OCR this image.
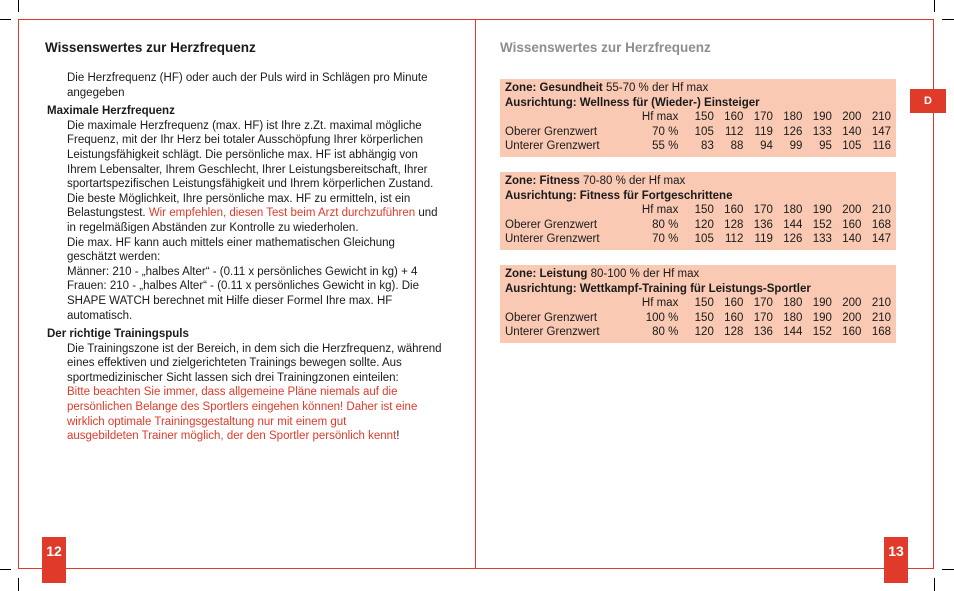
Wissenswertes zur Herzfrequenz
Die Herzfrequenz (HF) oder auch der Puls wird in Schlägen pro Minute
angegeben
Maximale Herzfrequenz
Die maximale Herzfrequenz (max. HF) ist Ihre z.Zt. maximal mögliche
Frequenz, mit der Ihr Herz bei totaler Ausschöpfung Ihrer körperlichen
Leistungsfähigkeit schlägt. Die persönliche max. HF ist abhängig von
Ihrem Lebensalter, Ihrem Geschlecht, Ihrer Leistungsbereitschaft, Ihrer
sportartspezifischen Leistungsfähigkeit und Ihrem körperlichen Zustand.
Die beste Möglichkeit, Ihre persönliche max. HF zu ermitteln, ist ein
Belastungstest. Wir empfehlen, diesen Test beim Arzt durchzuführen und
in regelmäßigen Abständen zur Kontrolle zu wiederholen.
Die max. HF kann auch mittels einer mathematischen Gleichung
geschätzt werden:
Männer: 210 - „halbes Alter“ - (0.11 x persönliches Gewicht in kg) + 4
Frauen: 210 - „halbes Alter“ - (0.11 x persönliches Gewicht in kg). Die
SHAPE WATCH berechnet mit Hilfe dieser Formel Ihre max. HF
automatisch.
Der richtige Trainingspuls
Die Trainingszone ist der Bereich, in dem sich die Herzfrequenz, während
eines effektiven und zielgerichteten Trainings bewegen sollte. Aus
sportmedizinischer Sicht lassen sich drei Trainingzonen einteilen:
Bitte beachten Sie immer, dass allgemeine Pläne niemals auf die
persönlichen Belange des Sportlers eingehen können! Daher ist eine
wirklich optimale Trainingsgestaltung nur mit einem gut
ausgebildeten Trainer möglich, der den Sportler persönlich kennt!
Wissenswertes zur Herzfrequenz
Zone: Gesundheit 55-70 % der Hf max
Ausrichtung: Wellness für (Wieder-) Einsteiger
	Hf max	150	160	170	180	190	200	210
Oberer Grenzwert	70 %	105	112	119	126	133	140	147
Unterer Grenzwert	55 %	83	88	94	99	95	105	116
Zone: Fitness 70-80 % der Hf max
Ausrichtung: Fitness für Fortgeschrittene
	Hf max	150	160	170	180	190	200	210
Oberer Grenzwert	80 %	120	128	136	144	152	160	168
Unterer Grenzwert	70 %	105	112	119	126	133	140	147
Zone: Leistung 80-100 % der Hf max
Ausrichtung: Wettkampf-Training für Leistungs-Sportler
	Hf max	150	160	170	180	190	200	210
Oberer Grenzwert	100 %	150	160	170	180	190	200	210
Unterer Grenzwert	80 %	120	128	136	144	152	160	168
D
12	13
